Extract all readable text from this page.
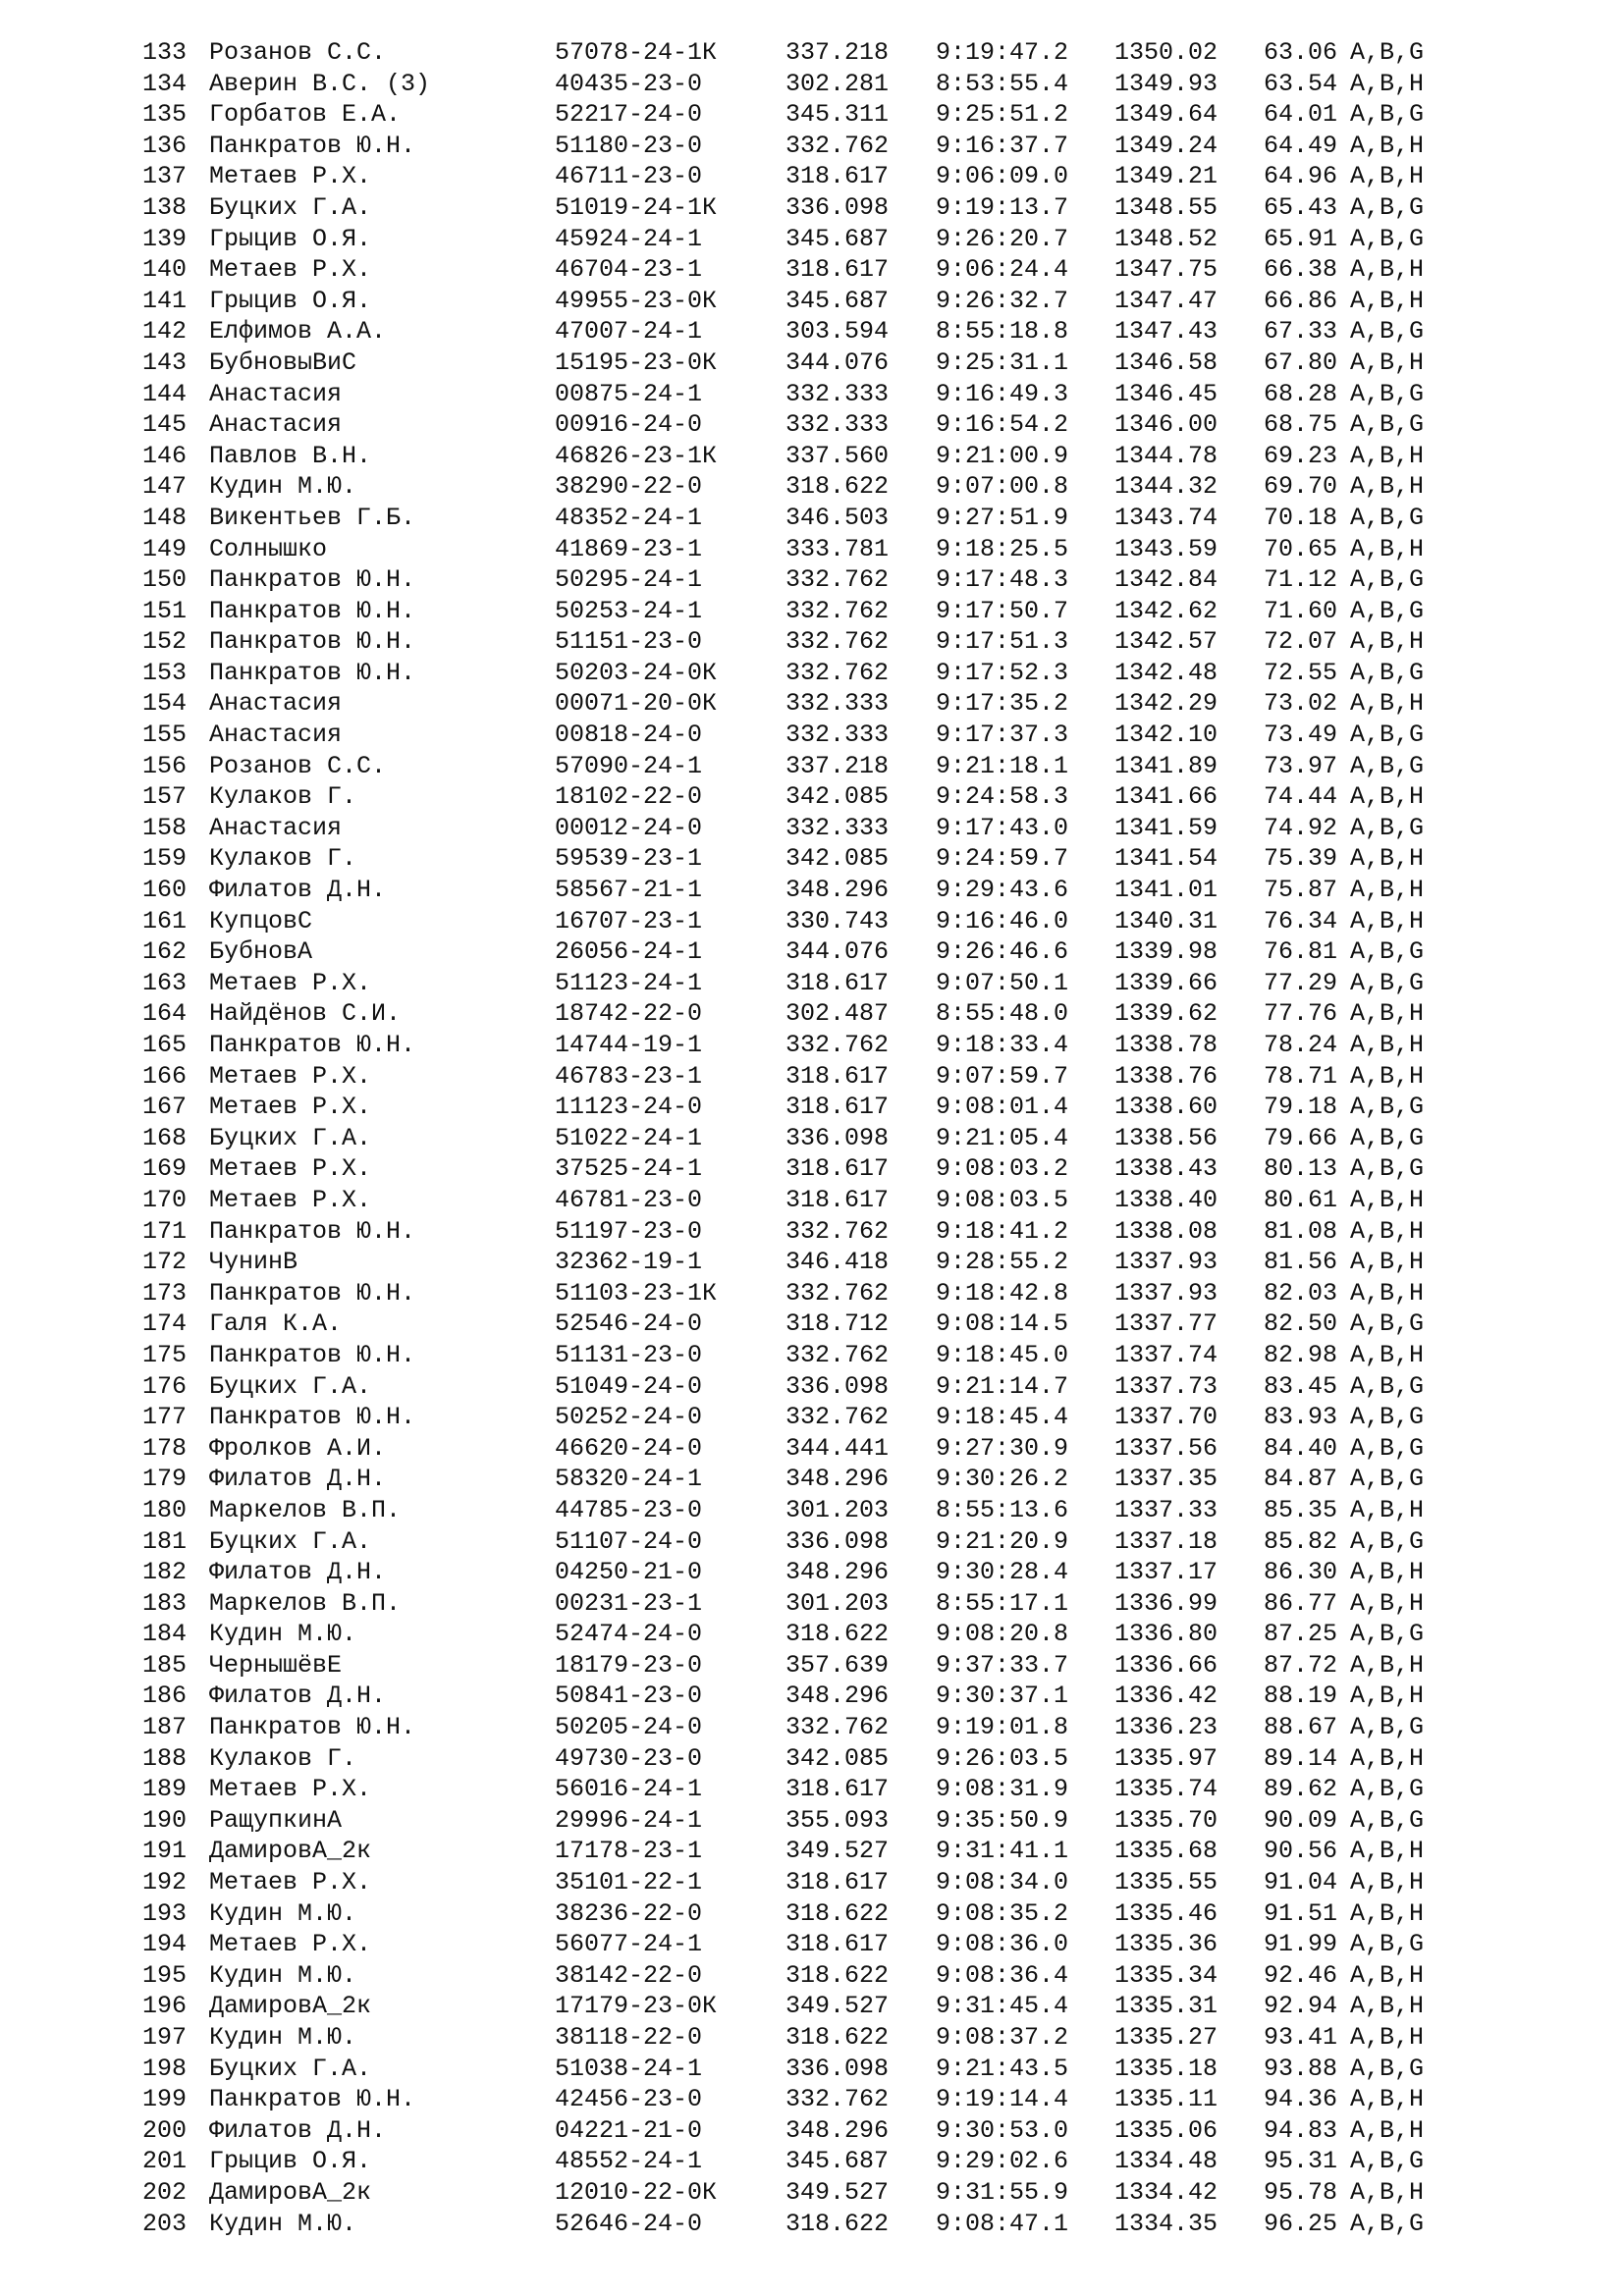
133 Розанов С.С.	57078-24-1К	337.218 9:19:47.2 1350.02 63.06 A,B,G
134 Аверин В.С. (3)	40435-23-0	302.281 8:53:55.4 1349.93 63.54 A,B,H
135 Горбатов Е.А.	52217-24-0	345.311 9:25:51.2 1349.64 64.01 A,B,G
136 Панкратов Ю.Н.	51180-23-0	332.762 9:16:37.7 1349.24 64.49 A,B,H
137 Метаев Р.Х.	46711-23-0	318.617 9:06:09.0 1349.21 64.96 A,B,H
138 Буцких Г.А.	51019-24-1К	336.098 9:19:13.7 1348.55 65.43 A,B,G
139 Грыцив О.Я.	45924-24-1	345.687 9:26:20.7 1348.52 65.91 A,B,G
140 Метаев Р.Х.	46704-23-1	318.617 9:06:24.4 1347.75 66.38 A,B,H
141 Грыцив О.Я.	49955-23-0К	345.687 9:26:32.7 1347.47 66.86 A,B,H
142 Елфимов А.А.	47007-24-1	303.594 8:55:18.8 1347.43 67.33 A,B,G
143 БубновыВиС	15195-23-0К	344.076 9:25:31.1 1346.58 67.80 A,B,H
144 Анастасия	00875-24-1	332.333 9:16:49.3 1346.45 68.28 A,B,G
145 Анастасия	00916-24-0	332.333 9:16:54.2 1346.00 68.75 A,B,G
146 Павлов В.Н.	46826-23-1К	337.560 9:21:00.9 1344.78 69.23 A,B,H
147 Кудин М.Ю.	38290-22-0	318.622 9:07:00.8 1344.32 69.70 A,B,H
148 Викентьев Г.Б.	48352-24-1	346.503 9:27:51.9 1343.74 70.18 A,B,G
149 Солнышко	41869-23-1	333.781 9:18:25.5 1343.59 70.65 A,B,H
150 Панкратов Ю.Н.	50295-24-1	332.762 9:17:48.3 1342.84 71.12 A,B,G
151 Панкратов Ю.Н.	50253-24-1	332.762 9:17:50.7 1342.62 71.60 A,B,G
152 Панкратов Ю.Н.	51151-23-0	332.762 9:17:51.3 1342.57 72.07 A,B,H
153 Панкратов Ю.Н.	50203-24-0К	332.762 9:17:52.3 1342.48 72.55 A,B,G
154 Анастасия	00071-20-0К	332.333 9:17:35.2 1342.29 73.02 A,B,H
155 Анастасия	00818-24-0	332.333 9:17:37.3 1342.10 73.49 A,B,G
156 Розанов С.С.	57090-24-1	337.218 9:21:18.1 1341.89 73.97 A,B,G
157 Кулаков Г.	18102-22-0	342.085 9:24:58.3 1341.66 74.44 A,B,H
158 Анастасия	00012-24-0	332.333 9:17:43.0 1341.59 74.92 A,B,G
159 Кулаков Г.	59539-23-1	342.085 9:24:59.7 1341.54 75.39 A,B,H
160 Филатов Д.Н.	58567-21-1	348.296 9:29:43.6 1341.01 75.87 A,B,H
161 КупцовС	16707-23-1	330.743 9:16:46.0 1340.31 76.34 A,B,H
162 БубновА	26056-24-1	344.076 9:26:46.6 1339.98 76.81 A,B,G
163 Метаев Р.Х.	51123-24-1	318.617 9:07:50.1 1339.66 77.29 A,B,G
164 Найдёнов С.И.	18742-22-0	302.487 8:55:48.0 1339.62 77.76 A,B,H
165 Панкратов Ю.Н.	14744-19-1	332.762 9:18:33.4 1338.78 78.24 A,B,H
166 Метаев Р.Х.	46783-23-1	318.617 9:07:59.7 1338.76 78.71 A,B,H
167 Метаев Р.Х.	11123-24-0	318.617 9:08:01.4 1338.60 79.18 A,B,G
168 Буцких Г.А.	51022-24-1	336.098 9:21:05.4 1338.56 79.66 A,B,G
169 Метаев Р.Х.	37525-24-1	318.617 9:08:03.2 1338.43 80.13 A,B,G
170 Метаев Р.Х.	46781-23-0	318.617 9:08:03.5 1338.40 80.61 A,B,H
171 Панкратов Ю.Н.	51197-23-0	332.762 9:18:41.2 1338.08 81.08 A,B,H
172 ЧунинВ	32362-19-1	346.418 9:28:55.2 1337.93 81.56 A,B,H
173 Панкратов Ю.Н.	51103-23-1К	332.762 9:18:42.8 1337.93 82.03 A,B,H
174 Галя К.А.	52546-24-0	318.712 9:08:14.5 1337.77 82.50 A,B,G
175 Панкратов Ю.Н.	51131-23-0	332.762 9:18:45.0 1337.74 82.98 A,B,H
176 Буцких Г.А.	51049-24-0	336.098 9:21:14.7 1337.73 83.45 A,B,G
177 Панкратов Ю.Н.	50252-24-0	332.762 9:18:45.4 1337.70 83.93 A,B,G
178 Фролков А.И.	46620-24-0	344.441 9:27:30.9 1337.56 84.40 A,B,G
179 Филатов Д.Н.	58320-24-1	348.296 9:30:26.2 1337.35 84.87 A,B,G
180 Маркелов В.П.	44785-23-0	301.203 8:55:13.6 1337.33 85.35 A,B,H
181 Буцких Г.А.	51107-24-0	336.098 9:21:20.9 1337.18 85.82 A,B,G
182 Филатов Д.Н.	04250-21-0	348.296 9:30:28.4 1337.17 86.30 A,B,H
183 Маркелов В.П.	00231-23-1	301.203 8:55:17.1 1336.99 86.77 A,B,H
184 Кудин М.Ю.	52474-24-0	318.622 9:08:20.8 1336.80 87.25 A,B,G
185 ЧернышёвЕ	18179-23-0	357.639 9:37:33.7 1336.66 87.72 A,B,H
186 Филатов Д.Н.	50841-23-0	348.296 9:30:37.1 1336.42 88.19 A,B,H
187 Панкратов Ю.Н.	50205-24-0	332.762 9:19:01.8 1336.23 88.67 A,B,G
188 Кулаков Г.	49730-23-0	342.085 9:26:03.5 1335.97 89.14 A,B,H
189 Метаев Р.Х.	56016-24-1	318.617 9:08:31.9 1335.74 89.62 A,B,G
190 РащупкинА	29996-24-1	355.093 9:35:50.9 1335.70 90.09 A,B,G
191 ДамировА_2к	17178-23-1	349.527 9:31:41.1 1335.68 90.56 A,B,H
192 Метаев Р.Х.	35101-22-1	318.617 9:08:34.0 1335.55 91.04 A,B,H
193 Кудин М.Ю.	38236-22-0	318.622 9:08:35.2 1335.46 91.51 A,B,H
194 Метаев Р.Х.	56077-24-1	318.617 9:08:36.0 1335.36 91.99 A,B,G
195 Кудин М.Ю.	38142-22-0	318.622 9:08:36.4 1335.34 92.46 A,B,H
196 ДамировА_2к	17179-23-0К	349.527 9:31:45.4 1335.31 92.94 A,B,H
197 Кудин М.Ю.	38118-22-0	318.622 9:08:37.2 1335.27 93.41 A,B,H
198 Буцких Г.А.	51038-24-1	336.098 9:21:43.5 1335.18 93.88 A,B,G
199 Панкратов Ю.Н.	42456-23-0	332.762 9:19:14.4 1335.11 94.36 A,B,H
200 Филатов Д.Н.	04221-21-0	348.296 9:30:53.0 1335.06 94.83 A,B,H
201 Грыцив О.Я.	48552-24-1	345.687 9:29:02.6 1334.48 95.31 A,B,G
202 ДамировА_2к	12010-22-0К	349.527 9:31:55.9 1334.42 95.78 A,B,H
203 Кудин М.Ю.	52646-24-0	318.622 9:08:47.1 1334.35 96.25 A,B,G
